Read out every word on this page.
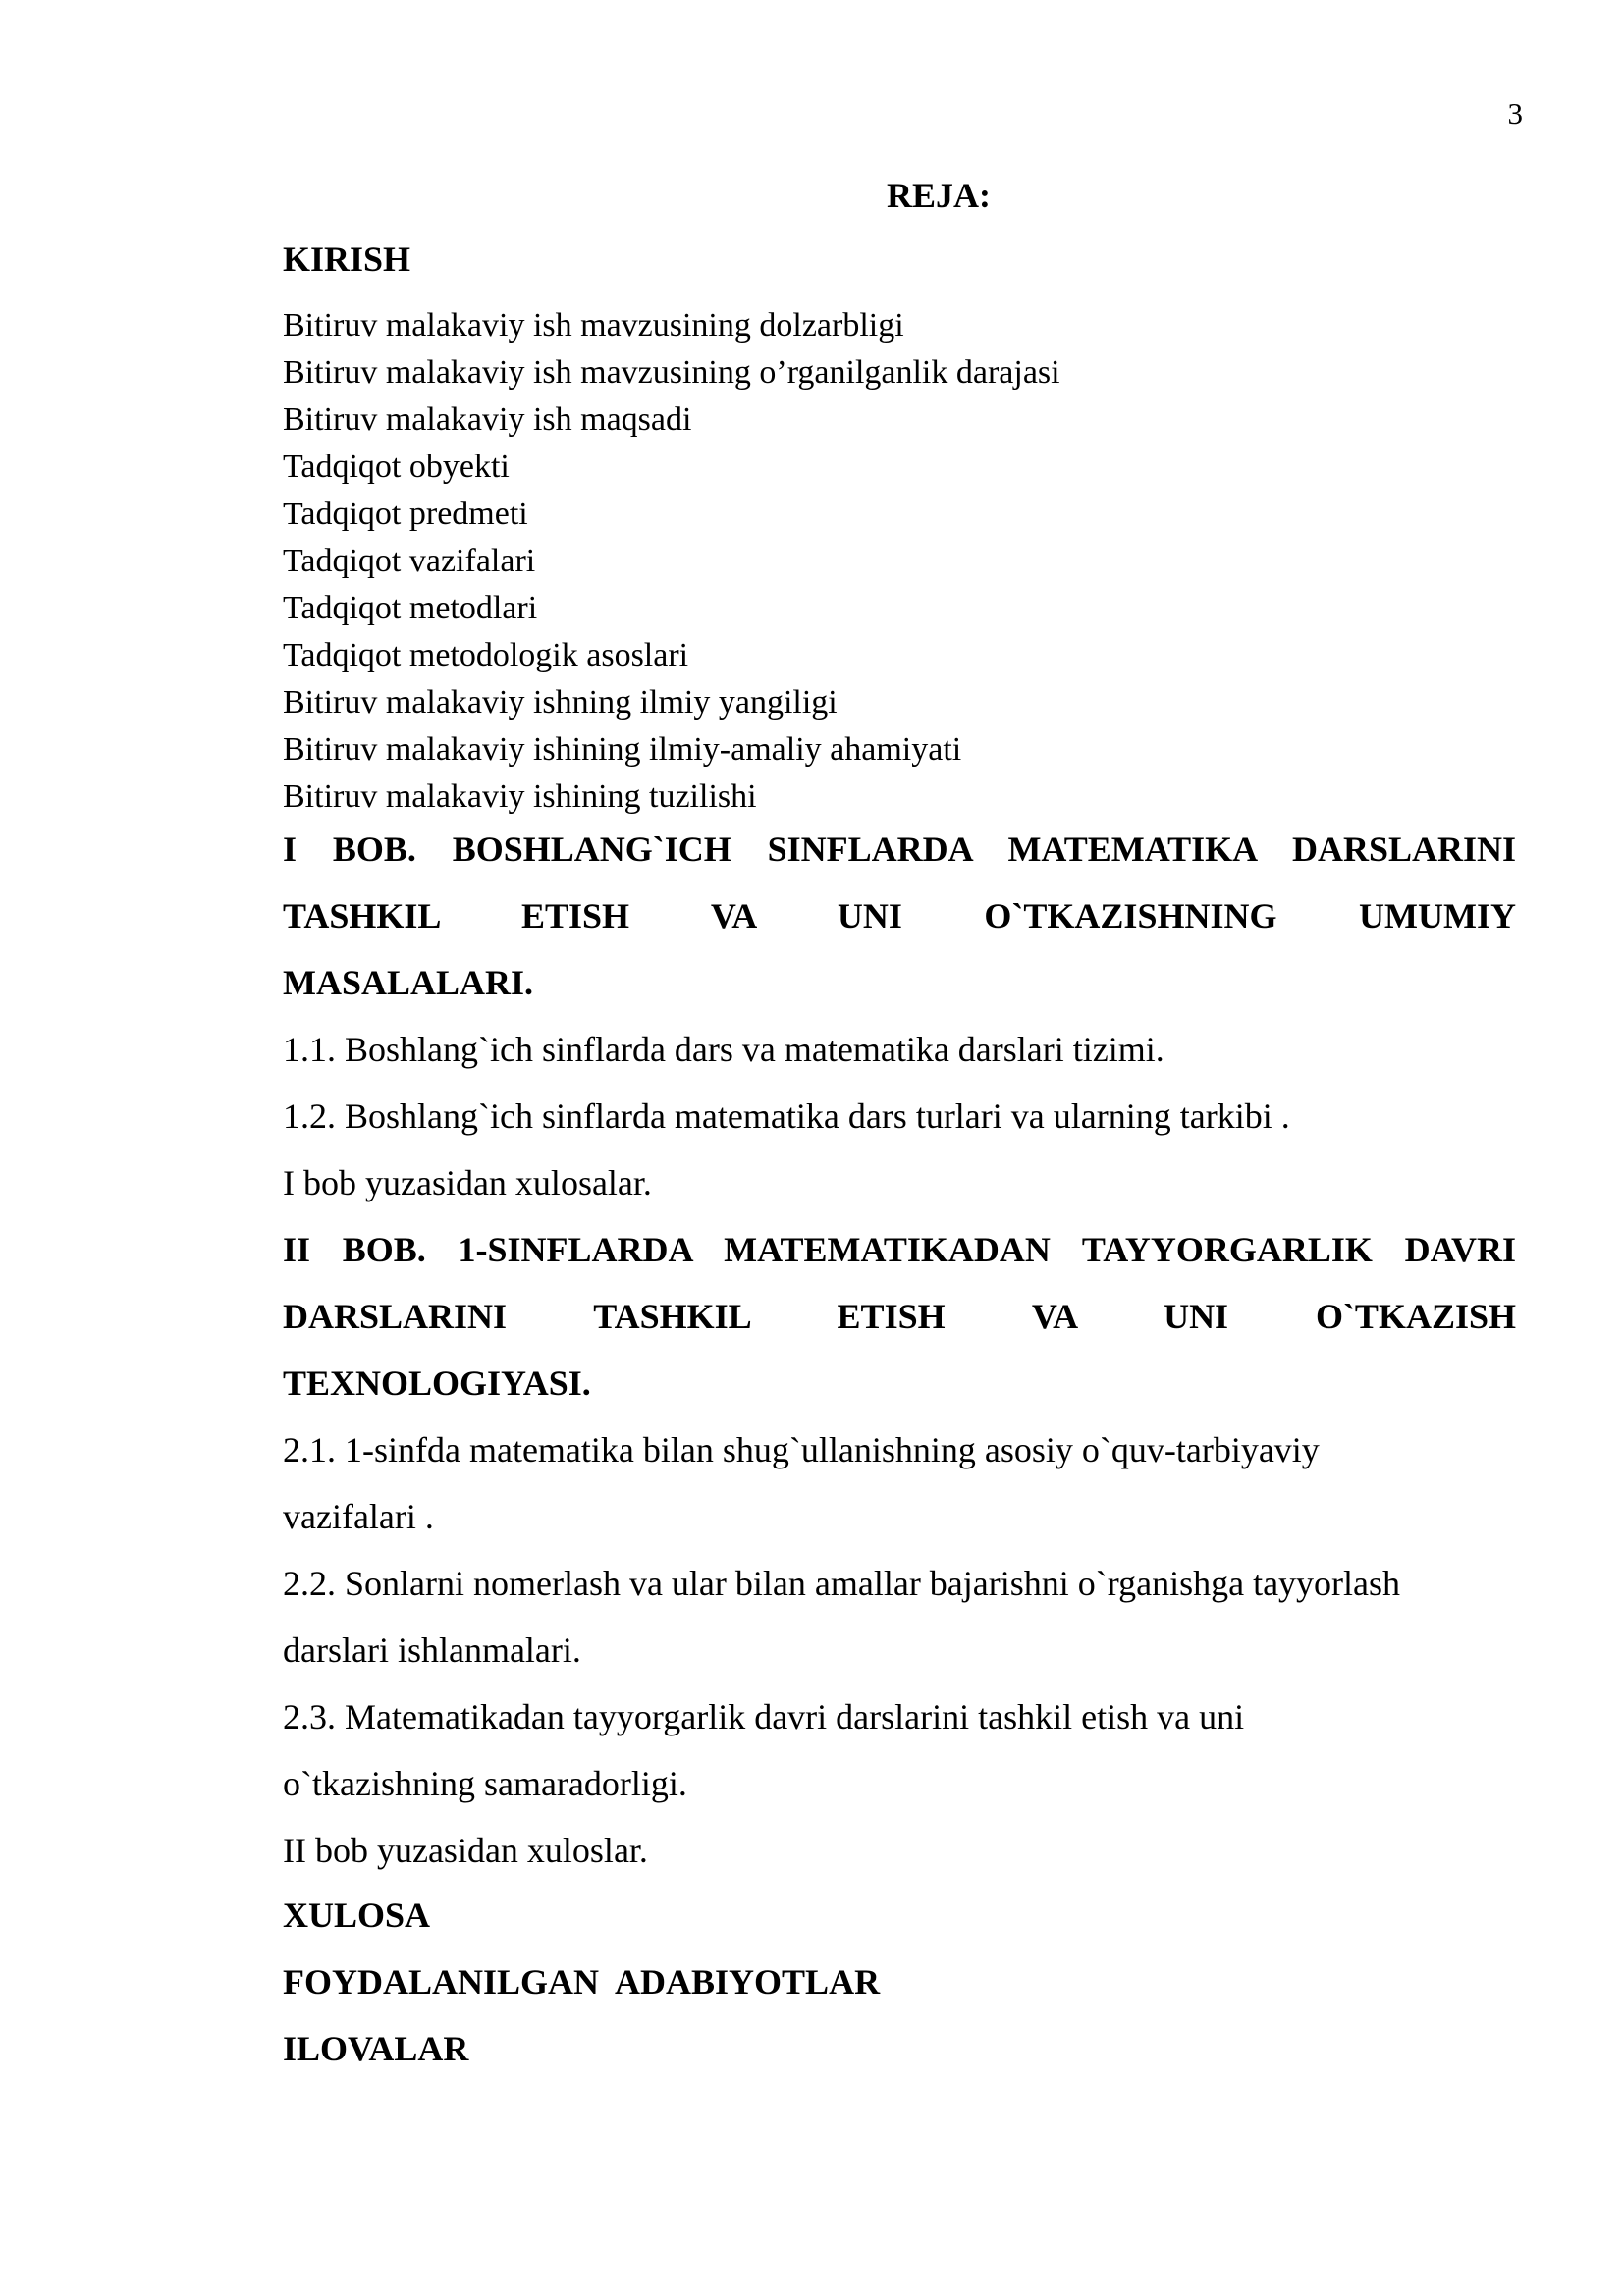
3
REJA:
KIRISH
Bitiruv malakaviy ish mavzusining dolzarbligi
Bitiruv malakaviy ish mavzusining o’rganilganlik darajasi
Bitiruv malakaviy ish maqsadi
Tadqiqot obyekti
Tadqiqot predmeti
Tadqiqot vazifalari
Tadqiqot metodlari
Tadqiqot metodologik asoslari
Bitiruv malakaviy ishning ilmiy yangiligi
Bitiruv malakaviy ishining ilmiy-amaliy ahamiyati
Bitiruv malakaviy ishining tuzilishi
I BOB. BOSHLANG`ICH SINFLARDA MATEMATIKA DARSLARINI
TASHKIL ETISH VA UNI O`TKAZISHNING UMUMIY
MASALALARI.
1.1. Boshlang`ich sinflarda dars va matematika darslari tizimi.
1.2. Boshlang`ich sinflarda matematika dars turlari va ularning tarkibi .
I bob yuzasidan xulosalar.
II BOB. 1-SINFLARDA MATEMATIKADAN TAYYORGARLIK DAVRI
DARSLARINI TASHKIL ETISH VA UNI O`TKAZISH
TEXNOLOGIYASI.
2.1. 1-sinfda matematika bilan shug`ullanishning asosiy o`quv-tarbiyaviy
vazifalari .
2.2. Sonlarni nomerlash va ular bilan amallar bajarishni o`rganishga tayyorlash
darslari ishlanmalari.
2.3. Matematikadan tayyorgarlik davri darslarini tashkil etish va uni
o`tkazishning samaradorligi.
II bob yuzasidan xuloslar.
XULOSA
FOYDALANILGAN  ADABIYOTLAR
ILOVALAR
